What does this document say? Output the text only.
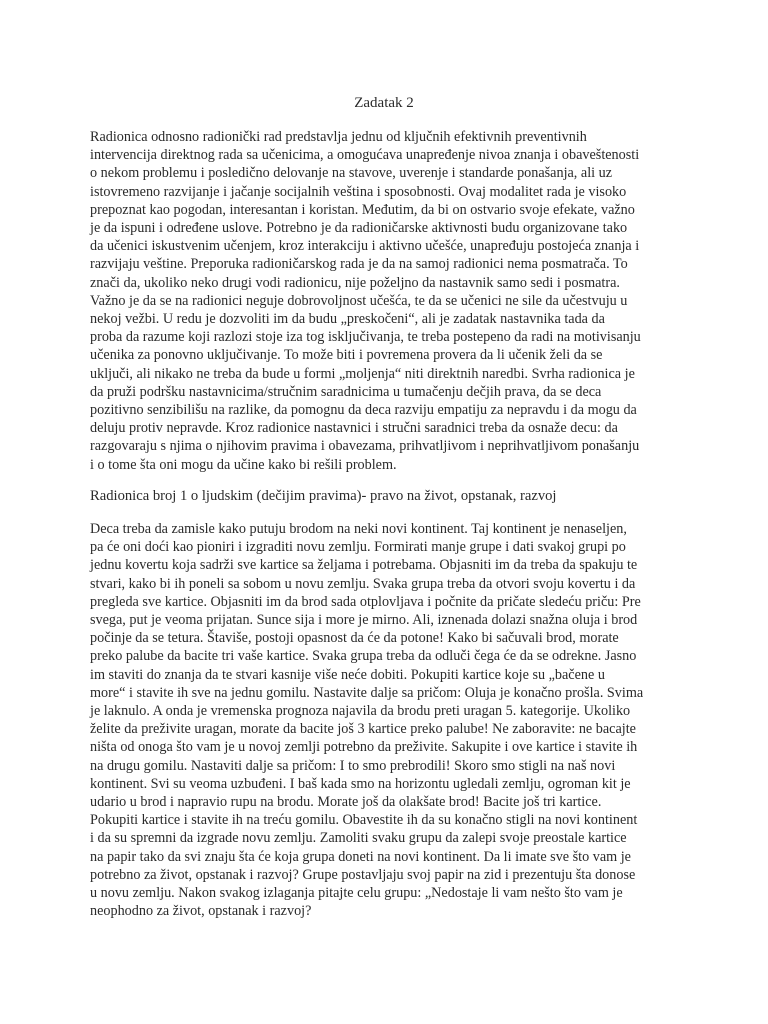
Zadatak 2

Radionica odnosno radionički rad predstavlja jednu od ključnih efektivnih preventivnih
intervencija direktnog rada sa učenicima, a omogućava unapređenje nivoa znanja i obaveštenosti
o nekom problemu i posledično delovanje na stavove, uverenje i standarde ponašanja, ali uz
istovremeno razvijanje i jačanje socijalnih veština i sposobnosti. Ovaj modalitet rada je visoko
prepoznat kao pogodan, interesantan i koristan. Međutim, da bi on ostvario svoje efekate, važno
je da ispuni i određene uslove. Potrebno je da radioničarske aktivnosti budu organizovane tako
da učenici iskustvenim učenjem, kroz interakciju i aktivno učešće, unapređuju postojeća znanja i
razvijaju veštine. Preporuka radioničarskog rada je da na samoj radionici nema posmatrača. To
znači da, ukoliko neko drugi vodi radionicu, nije poželjno da nastavnik samo sedi i posmatra.
Važno je da se na radionici neguje dobrovoljnost učešća, te da se učenici ne sile da učestvuju u
nekoj vežbi. U redu je dozvoliti im da budu „preskočeni“, ali je zadatak nastavnika tada da
proba da razume koji razlozi stoje iza tog isključivanja, te treba postepeno da radi na motivisanju
učenika za ponovno uključivanje. To može biti i povremena provera da li učenik želi da se
uključi, ali nikako ne treba da bude u formi „moljenja“ niti direktnih naredbi. Svrha radionica je
da pruži podršku nastavnicima/stručnim saradnicima u tumačenju dečjih prava, da se deca
pozitivno senzibilišu na razlike, da pomognu da deca razviju empatiju za nepravdu i da mogu da
deluju protiv nepravde. Kroz radionice nastavnici i stručni saradnici treba da osnaže decu: da
razgovaraju s njima o njihovim pravima i obavezama, prihvatljivom i neprihvatljivom ponašanju
i o tome šta oni mogu da učine kako bi rešili problem.

Radionica broj 1 o ljudskim (dečijim pravima)- pravo na život, opstanak, razvoj

Deca treba da zamisle kako putuju brodom na neki novi kontinent. Taj kontinent je nenaseljen,
pa će oni doći kao pioniri i izgraditi novu zemlju. Formirati manje grupe i dati svakoj grupi po
jednu kovertu koja sadrži sve kartice sa željama i potrebama. Objasniti im da treba da spakuju te
stvari, kako bi ih poneli sa sobom u novu zemlju. Svaka grupa treba da otvori svoju kovertu i da
pregleda sve kartice. Objasniti im da brod sada otplovljava i počnite da pričate sledeću priču: Pre
svega, put je veoma prijatan. Sunce sija i more je mirno. Ali, iznenada dolazi snažna oluja i brod
počinje da se tetura. Štaviše, postoji opasnost da će da potone! Kako bi sačuvali brod, morate
preko palube da bacite tri vaše kartice. Svaka grupa treba da odluči čega će da se odrekne. Jasno
im staviti do znanja da te stvari kasnije više neće dobiti. Pokupiti kartice koje su „bačene u
more“ i stavite ih sve na jednu gomilu. Nastavite dalje sa pričom: Oluja je konačno prošla. Svima
je laknulo. A onda je vremenska prognoza najavila da brodu preti uragan 5. kategorije. Ukoliko
želite da preživite uragan, morate da bacite još 3 kartice preko palube! Ne zaboravite: ne bacajte
ništa od onoga što vam je u novoj zemlji potrebno da preživite. Sakupite i ove kartice i stavite ih
na drugu gomilu. Nastaviti dalje sa pričom: I to smo prebrodili! Skoro smo stigli na naš novi
kontinent. Svi su veoma uzbuđeni. I baš kada smo na horizontu ugledali zemlju, ogroman kit je
udario u brod i napravio rupu na brodu. Morate još da olakšate brod! Bacite još tri kartice.
Pokupiti kartice i stavite ih na treću gomilu. Obavestite ih da su konačno stigli na novi kontinent
i da su spremni da izgrade novu zemlju. Zamoliti svaku grupu da zalepi svoje preostale kartice
na papir tako da svi znaju šta će koja grupa doneti na novi kontinent. Da li imate sve što vam je
potrebno za život, opstanak i razvoj? Grupe postavljaju svoj papir na zid i prezentuju šta donose
u novu zemlju. Nakon svakog izlaganja pitajte celu grupu: „Nedostaje li vam nešto što vam je
neophodno za život, opstanak i razvoj?
